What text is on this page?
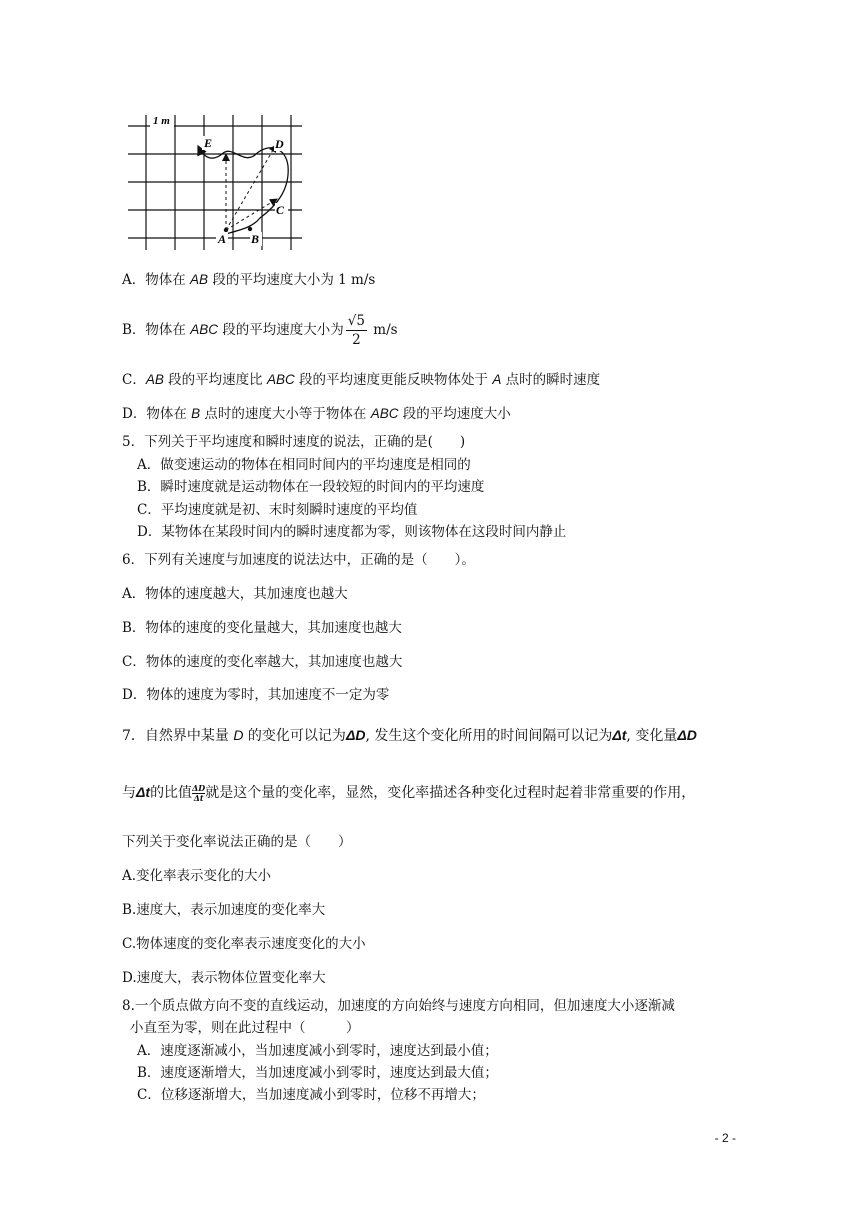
1 m
E	D
C
A B
A．物体在 AB 段的平均速度大小为 1 m/s
B．物体在 ABC 段的平均速度大小为 $\frac{√5}{2} m/s$
C．AB 段的平均速度比 ABC 段的平均速度更能反映物体处于 A 点时的瞬时速度
D．物体在 B 点时的速度大小等于物体在 ABC 段的平均速度大小
5．下列关于平均速度和瞬时速度的说法，正确的是(　　)
A．做变速运动的物体在相同时间内的平均速度是相同的
B．瞬时速度就是运动物体在一段较短的时间内的平均速度
C．平均速度就是初、末时刻瞬时速度的平均值
D．某物体在某段时间内的瞬时速度都为零，则该物体在这段时间内静止
6．下列有关速度与加速度的说法达中，正确的是（　　）。
A．物体的速度越大，其加速度也越大
B．物体的速度的变化量越大，其加速度也越大
C．物体的速度的变化率越大，其加速度也越大
D．物体的速度为零时，其加速度不一定为零
7．自然界中某量 D 的变化可以记为ΔD, 发生这个变化所用的时间间隔可以记为Δt, 变化量ΔD
与Δt的比值 $\frac{\Delta D}{\Delta t}$就是这个量的变化率，显然，变化率描述各种变化过程时起着非常重要的作用，
下列关于变化率说法正确的是（　　）
A.变化率表示变化的大小
B.速度大，表示加速度的变化率大
C.物体速度的变化率表示速度变化的大小
D.速度大，表示物体位置变化率大
8.一个质点做方向不变的直线运动，加速度的方向始终与速度方向相同，但加速度大小逐渐减
小直至为零，则在此过程中（　　　）
A．速度逐渐减小，当加速度减小到零时，速度达到最小值；
B．速度逐渐增大，当加速度减小到零时，速度达到最大值；
C．位移逐渐增大，当加速度减小到零时，位移不再增大；
- 2 -
